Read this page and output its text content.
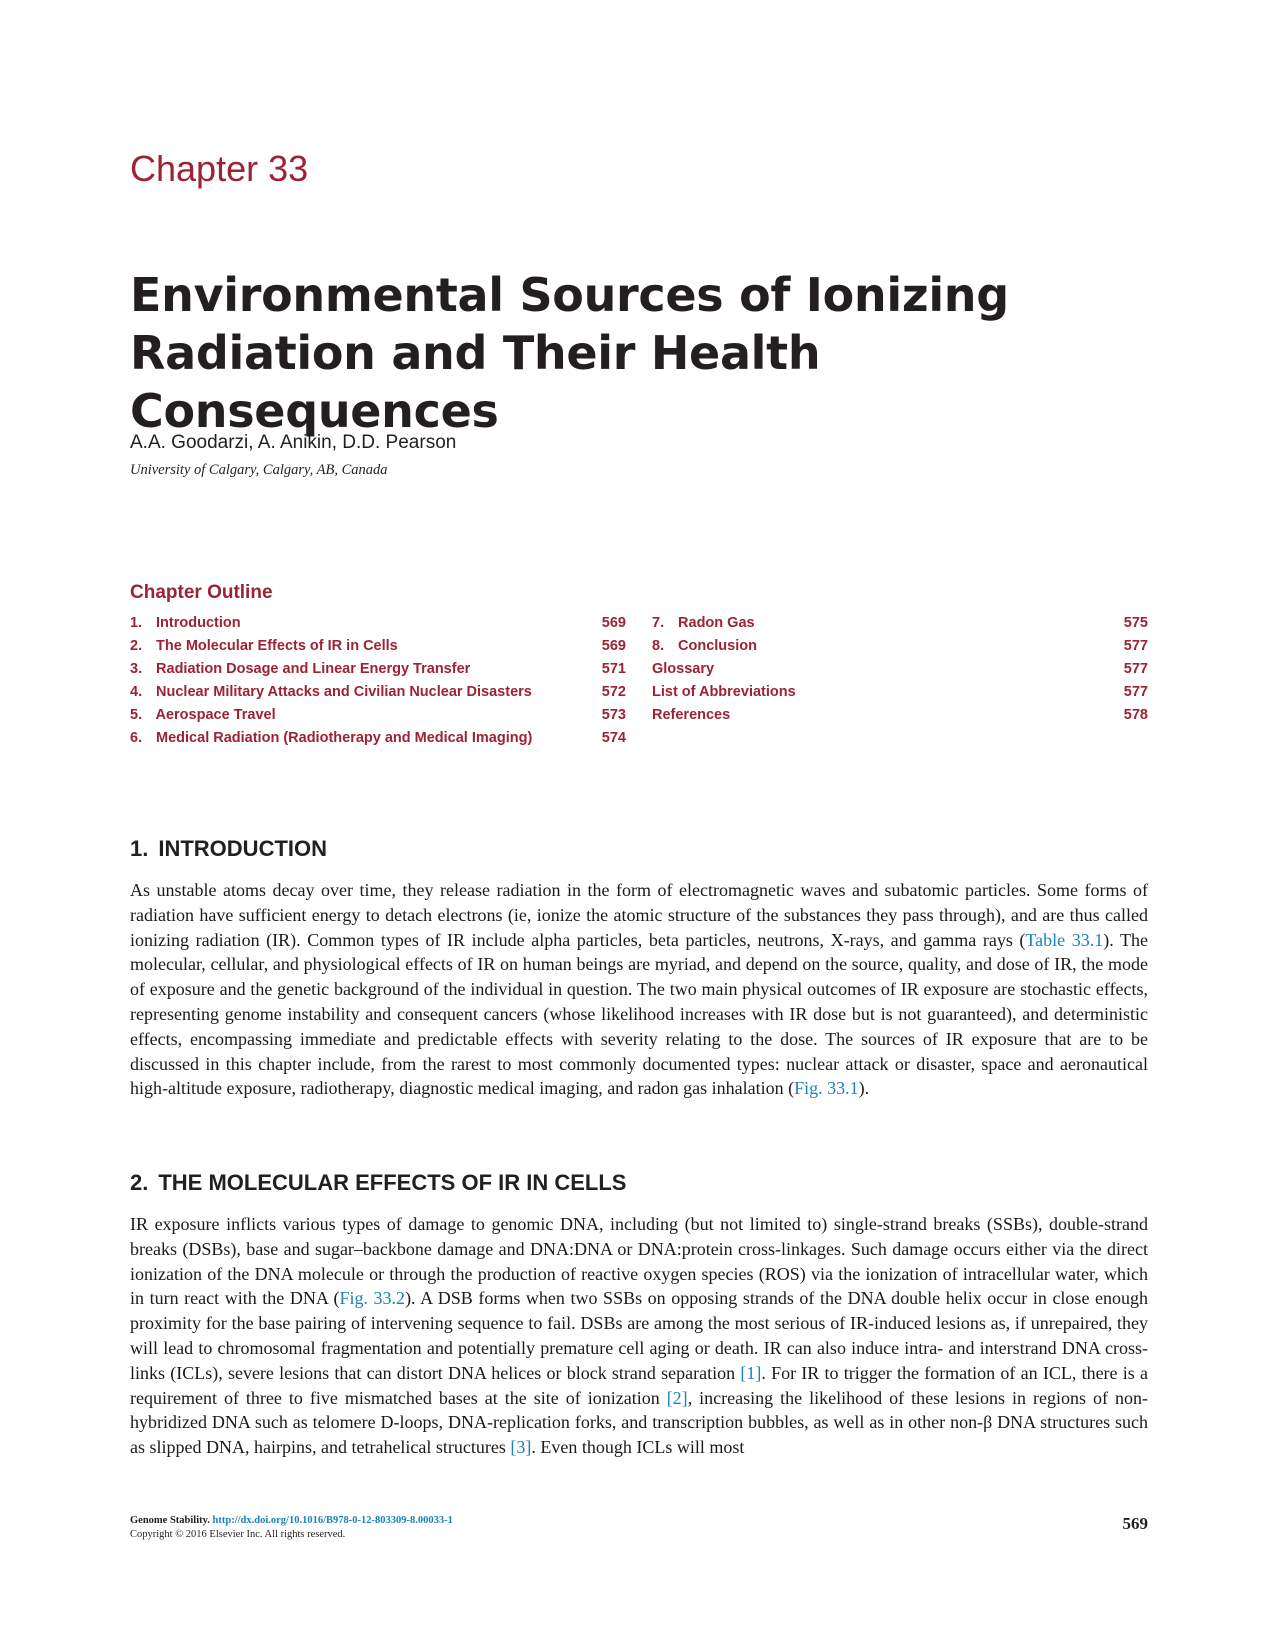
Chapter 33
Environmental Sources of Ionizing
Radiation and Their Health Consequences
A.A. Goodarzi, A. Anikin, D.D. Pearson
University of Calgary, Calgary, AB, Canada
Chapter Outline
1. Introduction	569
2. The Molecular Effects of IR in Cells	569
3. Radiation Dosage and Linear Energy Transfer	571
4. Nuclear Military Attacks and Civilian Nuclear Disasters	572
5. Aerospace Travel	573
6. Medical Radiation (Radiotherapy and Medical Imaging)	574
7. Radon Gas	575
8. Conclusion	577
Glossary	577
List of Abbreviations	577
References	578
1. INTRODUCTION

As unstable atoms decay over time, they release radiation in the form of electromagnetic waves and subatomic particles. Some forms of radiation have sufficient energy to detach electrons (ie, ionize the atomic structure of the substances they pass through), and are thus called ionizing radiation (IR). Common types of IR include alpha particles, beta particles, neutrons, X-rays, and gamma rays (Table 33.1). The molecular, cellular, and physiological effects of IR on human beings are myriad, and depend on the source, quality, and dose of IR, the mode of exposure and the genetic background of the individual in question. The two main physical outcomes of IR exposure are stochastic effects, representing genome instability and consequent cancers (whose likelihood increases with IR dose but is not guaranteed), and deterministic effects, encompassing immediate and predictable effects with severity relating to the dose. The sources of IR exposure that are to be discussed in this chapter include, from the rarest to most commonly documented types: nuclear attack or disaster, space and aeronautical high-altitude exposure, radiotherapy, diagnostic medical imaging, and radon gas inhalation (Fig. 33.1).

2. THE MOLECULAR EFFECTS OF IR IN CELLS

IR exposure inflicts various types of damage to genomic DNA, including (but not limited to) single-strand breaks (SSBs), double-strand breaks (DSBs), base and sugar–backbone damage and DNA:DNA or DNA:protein cross-linkages. Such damage occurs either via the direct ionization of the DNA molecule or through the production of reactive oxygen species (ROS) via the ionization of intracellular water, which in turn react with the DNA (Fig. 33.2). A DSB forms when two SSBs on opposing strands of the DNA double helix occur in close enough proximity for the base pairing of intervening sequence to fail. DSBs are among the most serious of IR-induced lesions as, if unrepaired, they will lead to chromosomal fragmentation and potentially premature cell aging or death. IR can also induce intra- and interstrand DNA cross-links (ICLs), severe lesions that can distort DNA helices or block strand separation [1]. For IR to trigger the formation of an ICL, there is a requirement of three to five mismatched bases at the site of ionization [2], increasing the likelihood of these lesions in regions of non-hybridized DNA such as telomere D-loops, DNA-replication forks, and transcription bubbles, as well as in other non-β DNA structures such as slipped DNA, hairpins, and tetrahelical structures [3]. Even though ICLs will most

Genome Stability. http://dx.doi.org/10.1016/B978-0-12-803309-8.00033-1
Copyright © 2016 Elsevier Inc. All rights reserved.
569
